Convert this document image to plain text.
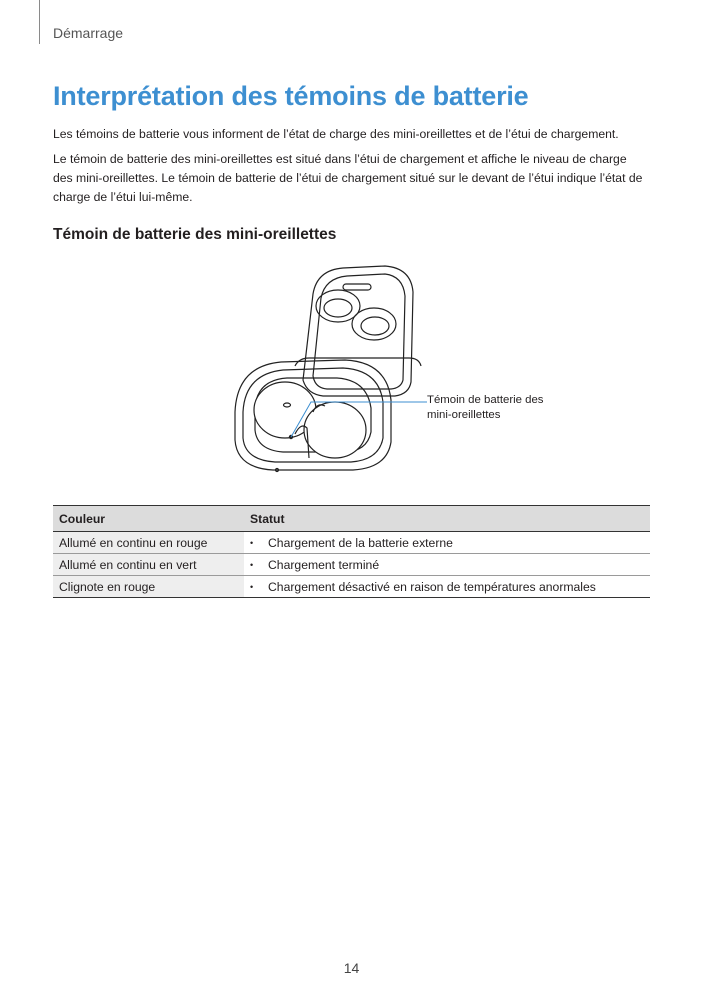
Démarrage
Interprétation des témoins de batterie

Les témoins de batterie vous informent de l’état de charge des mini-oreillettes et de l’étui de chargement.

Le témoin de batterie des mini-oreillettes est situé dans l’étui de chargement et affiche le niveau de charge des mini-oreillettes. Le témoin de batterie de l’étui de chargement situé sur le devant de l’étui indique l’état de charge de l’étui lui-même.

Témoin de batterie des mini-oreillettes
Témoin de batterie des mini-oreillettes
Couleur	Statut
Allumé en continu en rouge	• Chargement de la batterie externe
Allumé en continu en vert	• Chargement terminé
Clignote en rouge	• Chargement désactivé en raison de températures anormales
14
